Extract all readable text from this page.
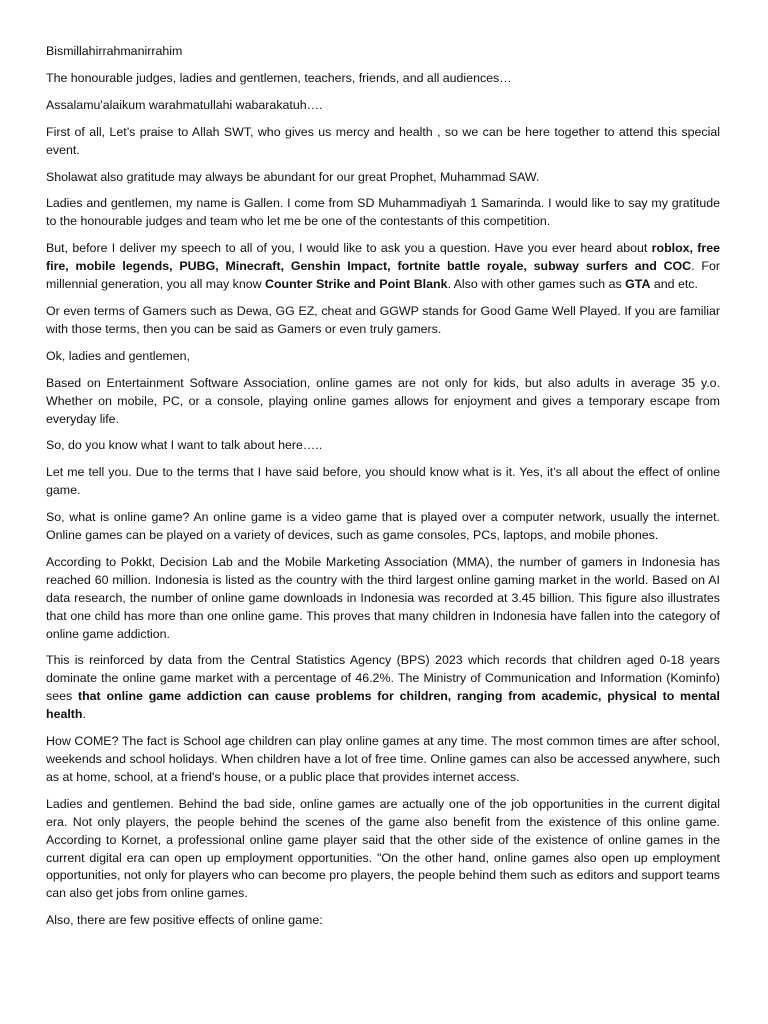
Bismillahirrahmanirrahim

The honourable judges, ladies and gentlemen, teachers, friends, and all audiences…

Assalamu'alaikum warahmatullahi wabarakatuh….

First of all, Let’s praise to Allah SWT, who gives us mercy and health , so we can be here together to attend this special event.

Sholawat also gratitude may always be abundant for our great Prophet, Muhammad SAW.

Ladies and gentlemen, my name is Gallen. I come from SD Muhammadiyah 1 Samarinda. I would like to say my gratitude to the honourable judges and team who let me be one of the contestants of this competition.

But, before I deliver my speech to all of you, I would like to ask you a question. Have you ever heard about roblox, free fire, mobile legends, PUBG, Minecraft, Genshin Impact, fortnite battle royale, subway surfers and COC. For millennial generation, you all may know Counter Strike and Point Blank. Also with other games such as GTA and etc.

Or even terms of Gamers such as Dewa, GG EZ, cheat and GGWP stands for Good Game Well Played. If you are familiar with those terms, then you can be said as Gamers or even truly gamers.

Ok, ladies and gentlemen,

Based on Entertainment Software Association, online games are not only for kids, but also adults in average 35 y.o. Whether on mobile, PC, or a console, playing online games allows for enjoyment and gives a temporary escape from everyday life.

So, do you know what I want to talk about here…..

Let me tell you. Due to the terms that I have said before, you should know what is it. Yes, it’s all about the effect of online game.

So, what is online game? An online game is a video game that is played over a computer network, usually the internet. Online games can be played on a variety of devices, such as game consoles, PCs, laptops, and mobile phones.

According to Pokkt, Decision Lab and the Mobile Marketing Association (MMA), the number of gamers in Indonesia has reached 60 million. Indonesia is listed as the country with the third largest online gaming market in the world. Based on AI data research, the number of online game downloads in Indonesia was recorded at 3.45 billion. This figure also illustrates that one child has more than one online game. This proves that many children in Indonesia have fallen into the category of online game addiction.

This is reinforced by data from the Central Statistics Agency (BPS) 2023 which records that children aged 0-18 years dominate the online game market with a percentage of 46.2%. The Ministry of Communication and Information (Kominfo) sees that online game addiction can cause problems for children, ranging from academic, physical to mental health.

How COME? The fact is School age children can play online games at any time. The most common times are after school, weekends and school holidays. When children have a lot of free time. Online games can also be accessed anywhere, such as at home, school, at a friend's house, or a public place that provides internet access.

Ladies and gentlemen. Behind the bad side, online games are actually one of the job opportunities in the current digital era. Not only players, the people behind the scenes of the game also benefit from the existence of this online game. According to Kornet, a professional online game player said that the other side of the existence of online games in the current digital era can open up employment opportunities. "On the other hand, online games also open up employment opportunities, not only for players who can become pro players, the people behind them such as editors and support teams can also get jobs from online games.

Also, there are few positive effects of online game:
